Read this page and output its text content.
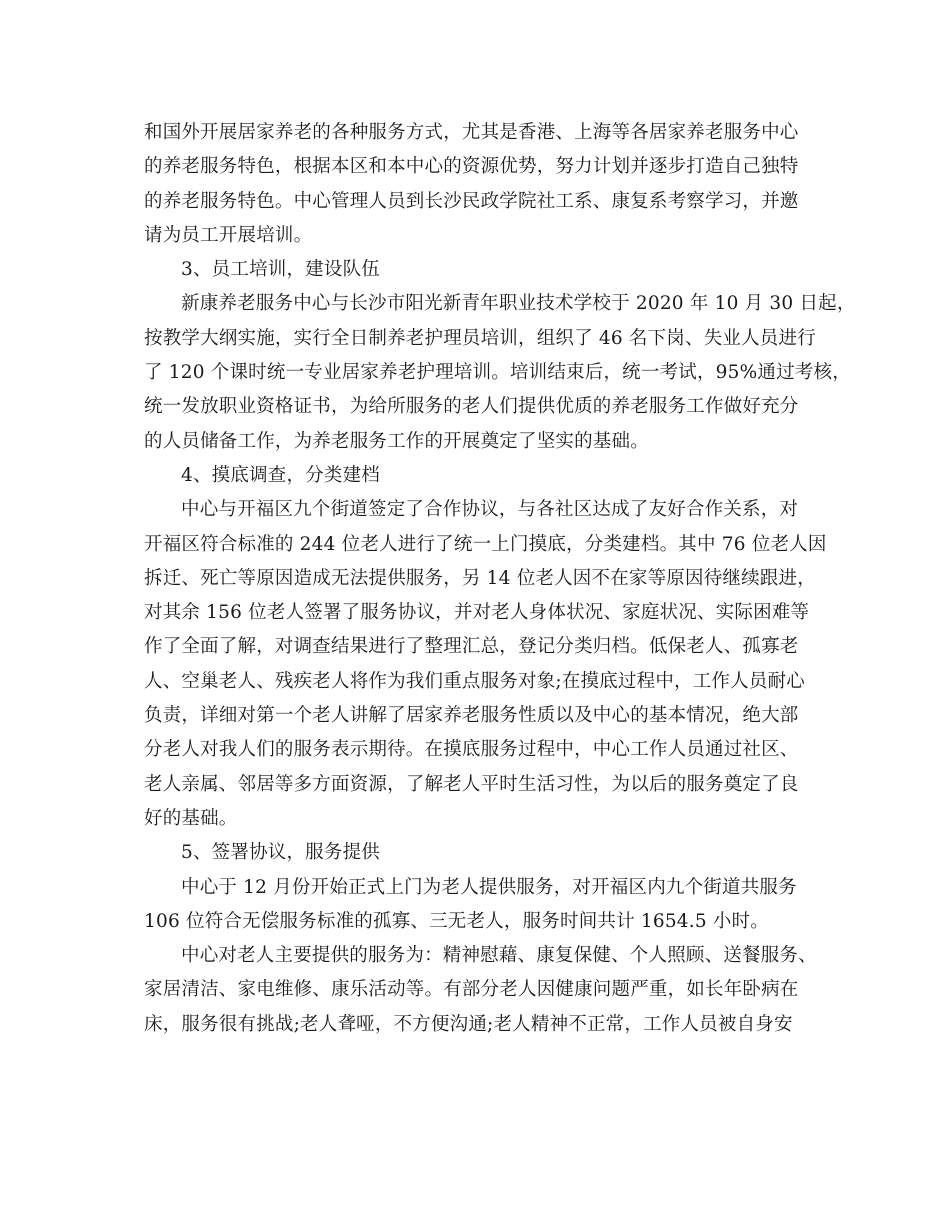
和国外开展居家养老的各种服务方式，尤其是香港、上海等各居家养老服务中心
的养老服务特色，根据本区和本中心的资源优势，努力计划并逐步打造自己独特
的养老服务特色。中心管理人员到长沙民政学院社工系、康复系考察学习，并邀
请为员工开展培训。
3、员工培训，建设队伍
新康养老服务中心与长沙市阳光新青年职业技术学校于 2020 年 10 月 30 日起，
按教学大纲实施，实行全日制养老护理员培训，组织了 46 名下岗、失业人员进行
了 120 个课时统一专业居家养老护理培训。培训结束后，统一考试，95%通过考核，
统一发放职业资格证书，为给所服务的老人们提供优质的养老服务工作做好充分
的人员储备工作，为养老服务工作的开展奠定了坚实的基础。
4、摸底调查，分类建档
中心与开福区九个街道签定了合作协议，与各社区达成了友好合作关系，对
开福区符合标准的 244 位老人进行了统一上门摸底，分类建档。其中 76 位老人因
拆迁、死亡等原因造成无法提供服务，另 14 位老人因不在家等原因待继续跟进，
对其余 156 位老人签署了服务协议，并对老人身体状况、家庭状况、实际困难等
作了全面了解，对调查结果进行了整理汇总，登记分类归档。低保老人、孤寡老
人、空巢老人、残疾老人将作为我们重点服务对象;在摸底过程中，工作人员耐心
负责，详细对第一个老人讲解了居家养老服务性质以及中心的基本情况，绝大部
分老人对我人们的服务表示期待。在摸底服务过程中，中心工作人员通过社区、
老人亲属、邻居等多方面资源，了解老人平时生活习性，为以后的服务奠定了良
好的基础。
5、签署协议，服务提供
中心于 12 月份开始正式上门为老人提供服务，对开福区内九个街道共服务
106 位符合无偿服务标准的孤寡、三无老人，服务时间共计 1654.5 小时。
中心对老人主要提供的服务为：精神慰藉、康复保健、个人照顾、送餐服务、
家居清洁、家电维修、康乐活动等。有部分老人因健康问题严重，如长年卧病在
床，服务很有挑战;老人聋哑，不方便沟通;老人精神不正常，工作人员被自身安
